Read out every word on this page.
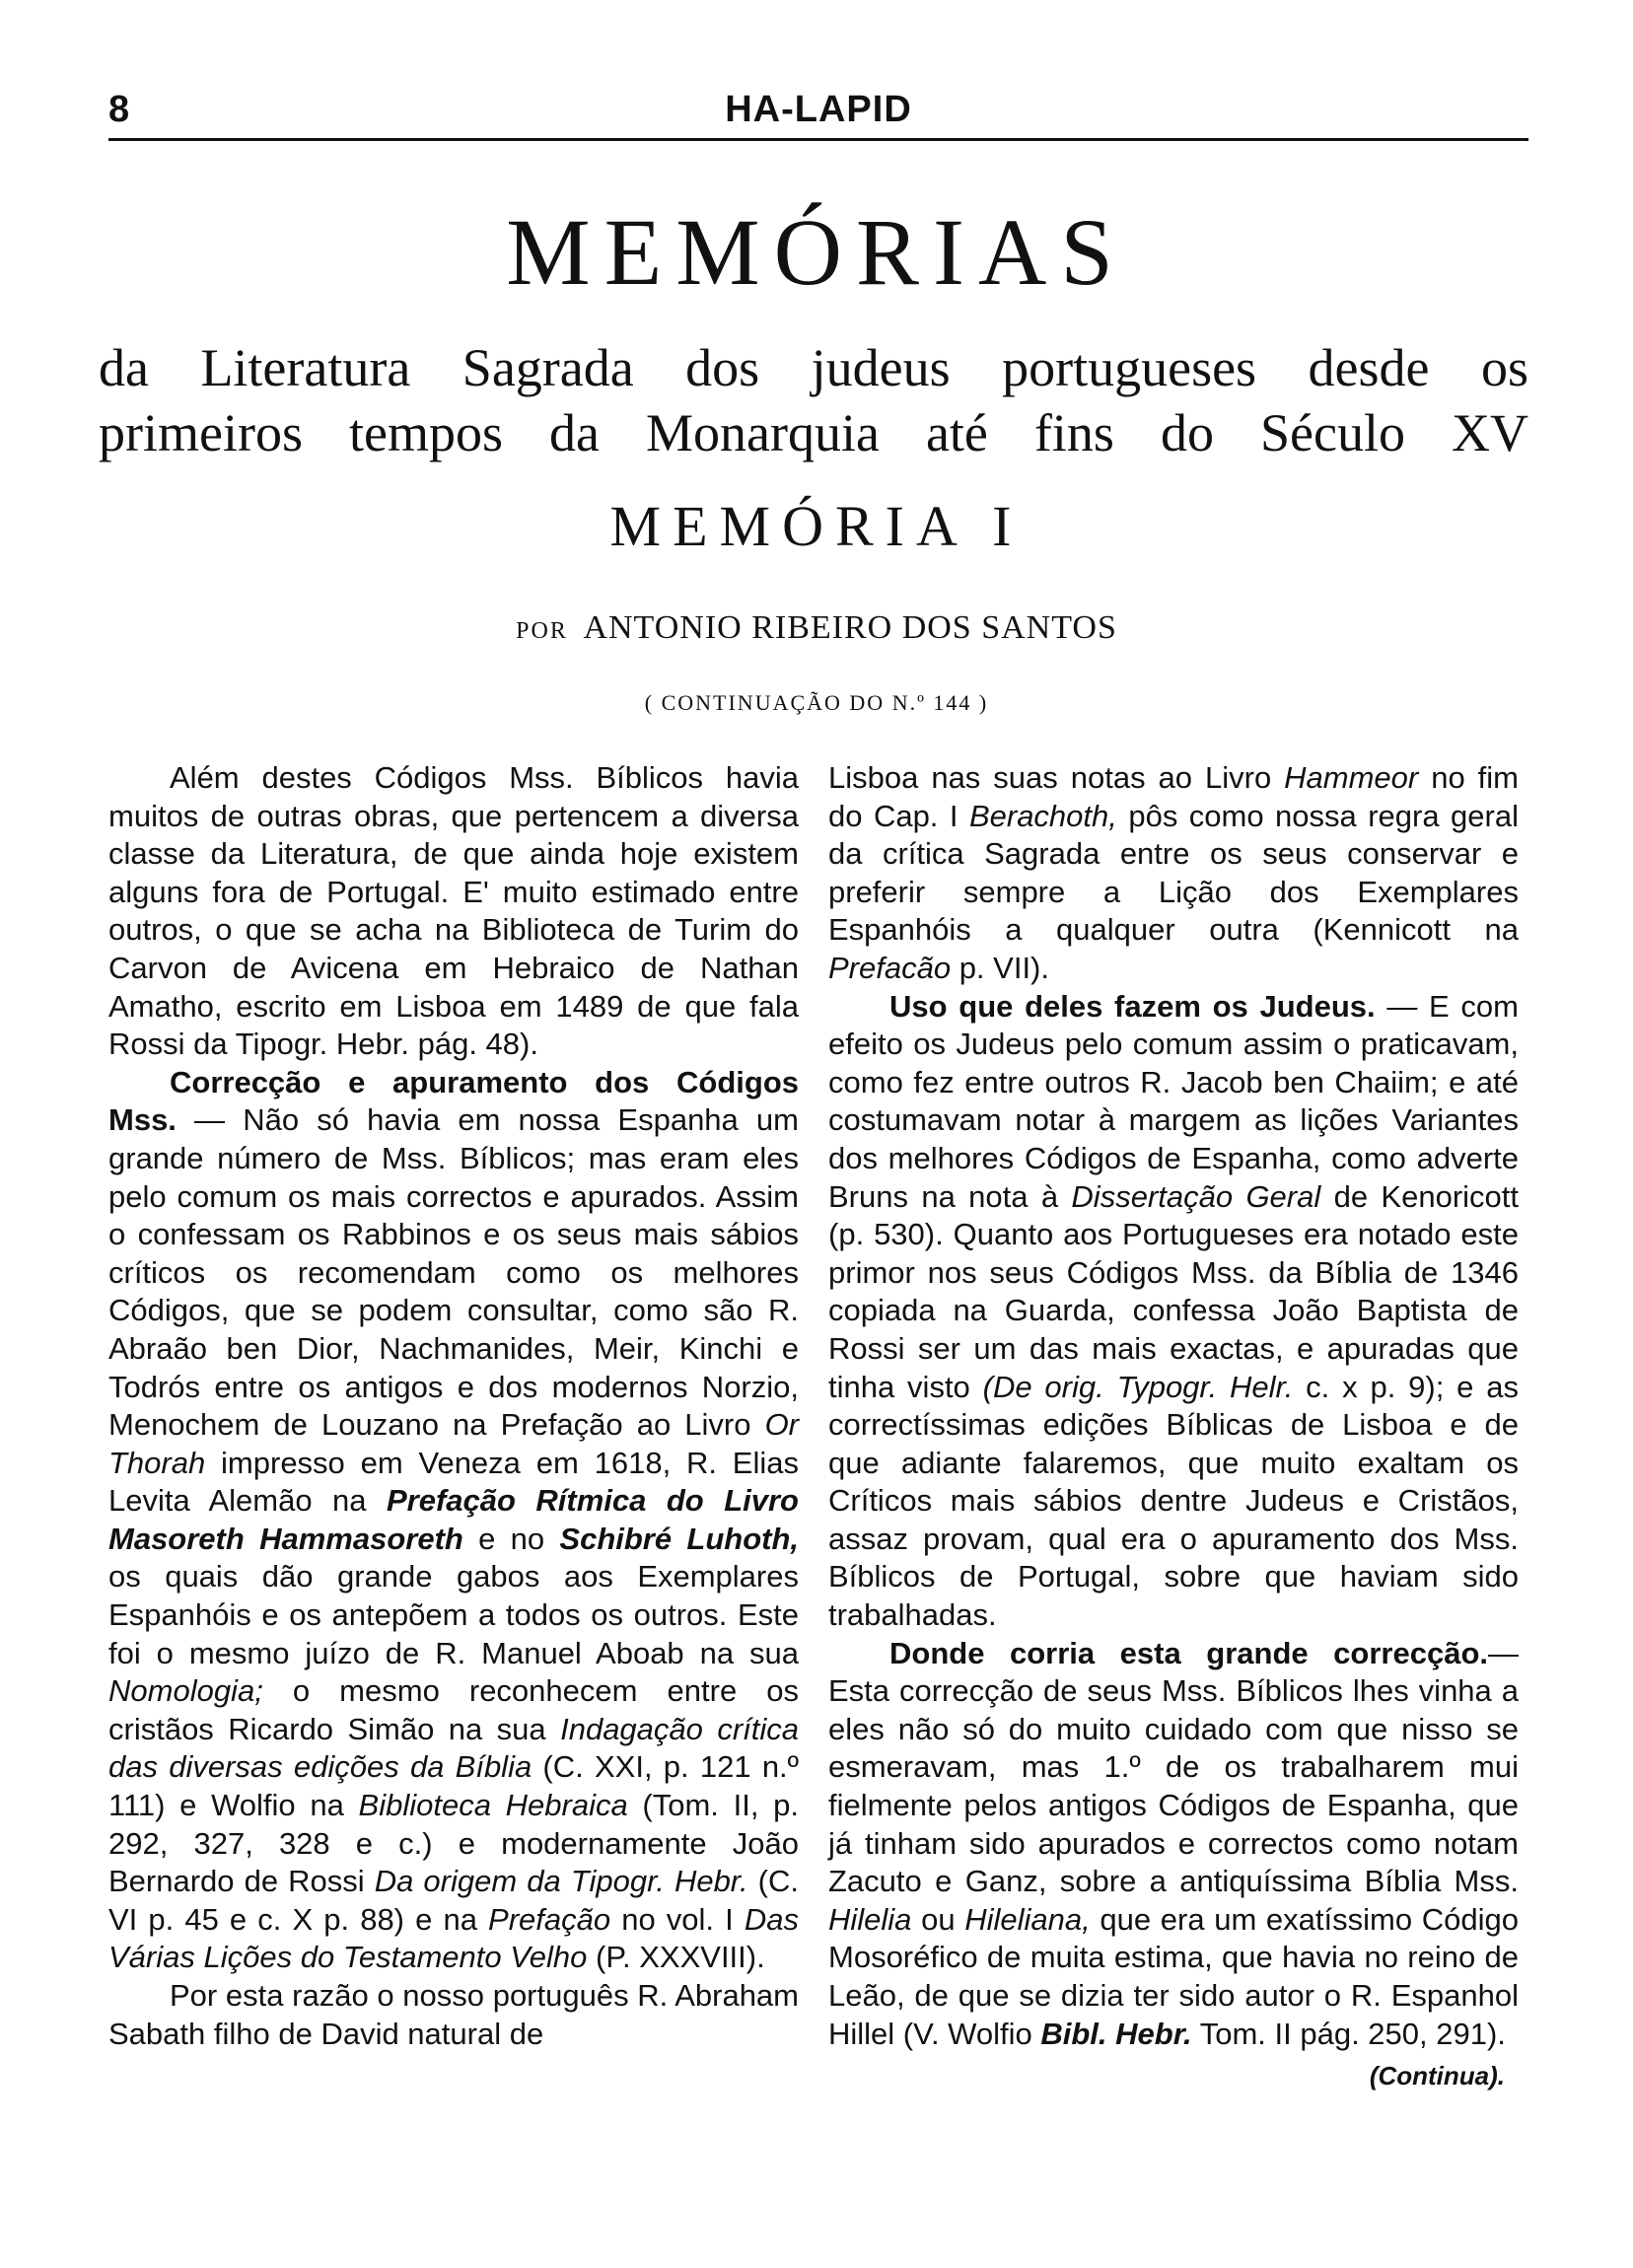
8	HA-LAPID
MEMÓRIAS
da Literatura Sagrada dos judeus portugueses desde os
primeiros tempos da Monarquia até fins do Século XV
MEMÓRIA I
POR ANTONIO RIBEIRO DOS SANTOS
( CONTINUAÇÃO DO N.º 144 )

Além destes Códigos Mss. Bíblicos havia muitos de outras obras, que pertencem a diversa classe da Literatura, de que ainda hoje existem alguns fora de Portugal. E' muito estimado entre outros, o que se acha na Biblioteca de Turim do Carvon de Avicena em Hebraico de Nathan Amatho, escrito em Lisboa em 1489 de que fala Rossi da Tipogr. Hebr. pág. 48).

Correcção e apuramento dos Códigos Mss. — Não só havia em nossa Espanha um grande número de Mss. Bíblicos; mas eram eles pelo comum os mais correctos e apurados. Assim o confessam os Rabbinos e os seus mais sábios críticos os recomendam como os melhores Códigos, que se podem consultar, como são R. Abraão ben Dior, Nachmanides, Meir, Kinchi e Todrós entre os antigos e dos modernos Norzio, Menochem de Louzano na Prefação ao Livro Or Thorah impresso em Veneza em 1618, R. Elias Levita Alemão na Prefação Rítmica do Livro Masoreth Hammasoreth e no Schibré Luhoth, os quais dão grande gabos aos Exemplares Espanhóis e os antepõem a todos os outros. Este foi o mesmo juízo de R. Manuel Aboab na sua Nomologia; o mesmo reconhecem entre os cristãos Ricardo Simão na sua Indagação crítica das diversas edições da Bíblia (C. XXI, p. 121 n.º 111) e Wolfio na Biblioteca Hebraica (Tom. II, p. 292, 327, 328 e c.) e modernamente João Bernardo de Rossi Da origem da Tipogr. Hebr. (C. VI p. 45 e c. X p. 88) e na Prefação no vol. I Das Várias Lições do Testamento Velho (P. XXXVIII).

Por esta razão o nosso português R. Abraham Sabath filho de David natural de

Lisboa nas suas notas ao Livro Hammeor no fim do Cap. I Berachoth, pôs como nossa regra geral da crítica Sagrada entre os seus conservar e preferir sempre a Lição dos Exemplares Espanhóis a qualquer outra (Kennicott na Prefacão p. VII).

Uso que deles fazem os Judeus. — E com efeito os Judeus pelo comum assim o praticavam, como fez entre outros R. Jacob ben Chaiim; e até costumavam notar à margem as lições Variantes dos melhores Códigos de Espanha, como adverte Bruns na nota à Dissertação Geral de Kenoricott (p. 530). Quanto aos Portugueses era notado este primor nos seus Códigos Mss. da Bíblia de 1346 copiada na Guarda, confessa João Baptista de Rossi ser um das mais exactas, e apuradas que tinha visto (De orig. Typogr. Helr. c. x p. 9); e as correctíssimas edições Bíblicas de Lisboa e de que adiante falaremos, que muito exaltam os Críticos mais sábios dentre Judeus e Cristãos, assaz provam, qual era o apuramento dos Mss. Bíblicos de Portugal, sobre que haviam sido trabalhadas.

Donde corria esta grande correcção.— Esta correcção de seus Mss. Bíblicos lhes vinha a eles não só do muito cuidado com que nisso se esmeravam, mas 1.º de os trabalharem mui fielmente pelos antigos Códigos de Espanha, que já tinham sido apurados e correctos como notam Zacuto e Ganz, sobre a antiquíssima Bíblia Mss. Hilelia ou Hileliana, que era um exatíssimo Código Mosoréfico de muita estima, que havia no reino de Leão, de que se dizia ter sido autor o R. Espanhol Hillel (V. Wolfio Bibl. Hebr. Tom. II pág. 250, 291).

(Continua).
